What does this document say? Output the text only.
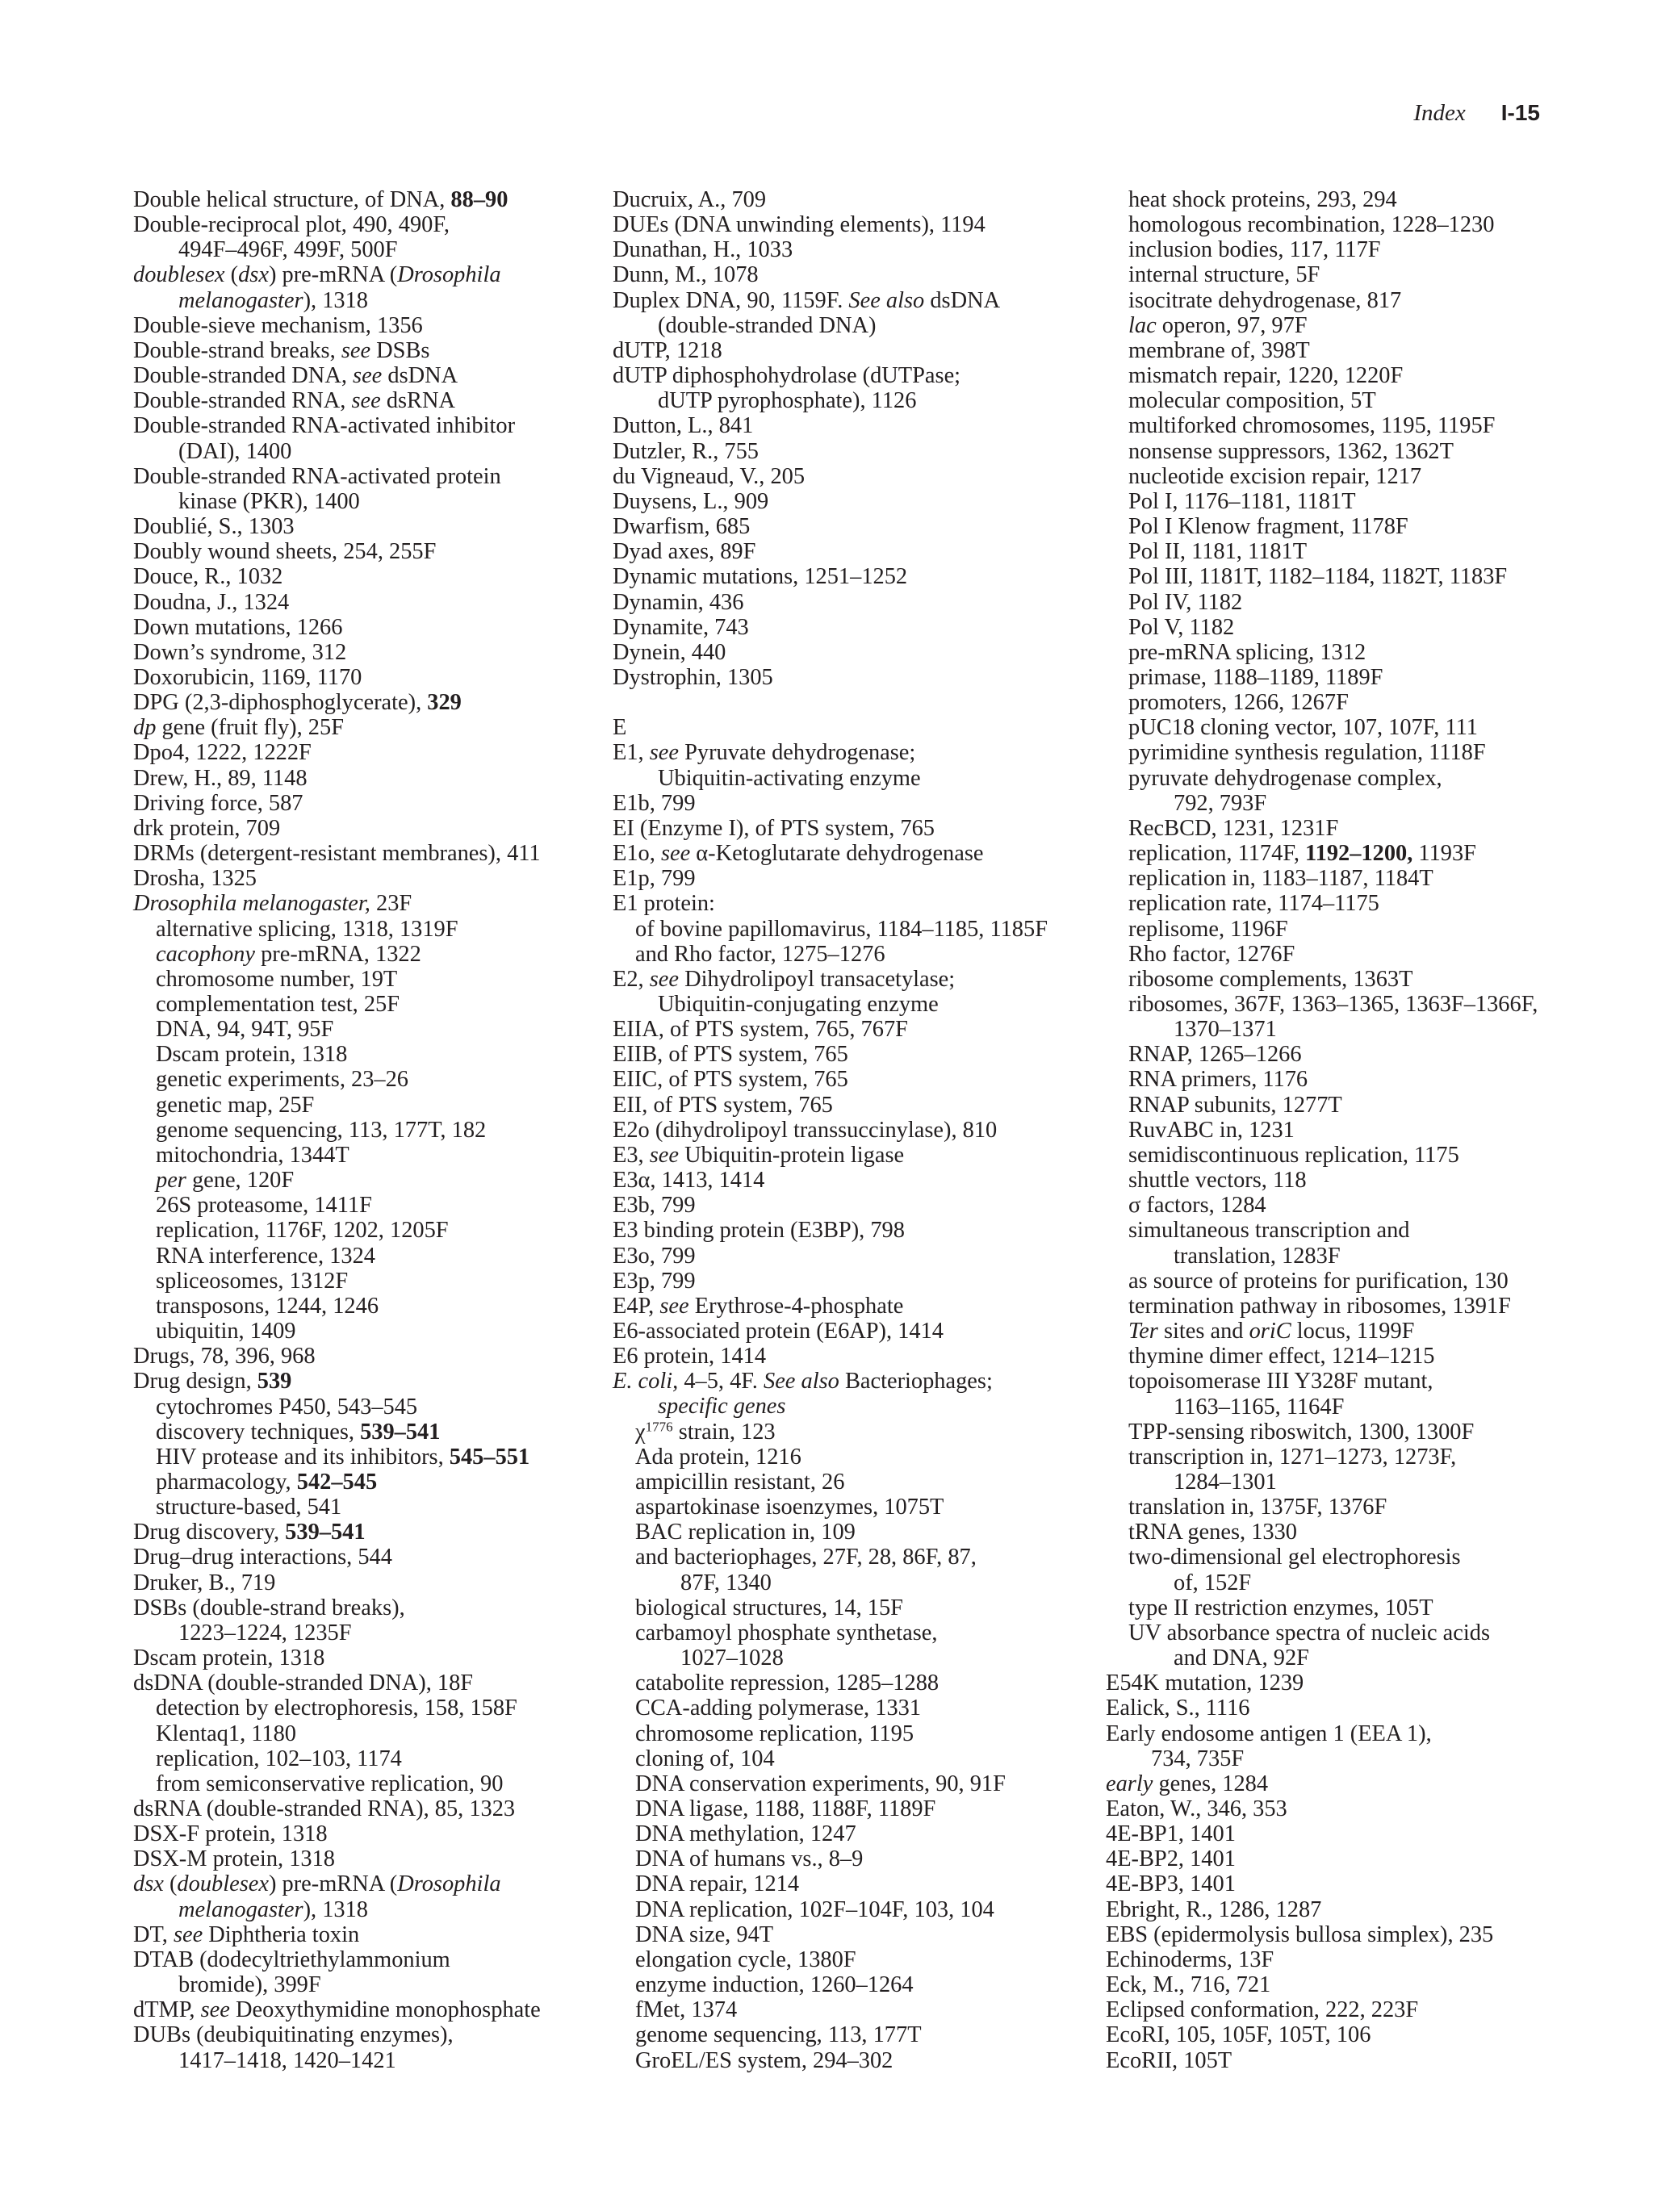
Index I-15
Double helical structure, of DNA, 88–90
Double-reciprocal plot, 490, 490F,
494F–496F, 499F, 500F
doublesex (dsx) pre-mRNA (Drosophila
melanogaster), 1318
Double-sieve mechanism, 1356
Double-strand breaks, see DSBs
Double-stranded DNA, see dsDNA
Double-stranded RNA, see dsRNA
Double-stranded RNA-activated inhibitor
(DAI), 1400
Double-stranded RNA-activated protein
kinase (PKR), 1400
Doublié, S., 1303
Doubly wound sheets, 254, 255F
Douce, R., 1032
Doudna, J., 1324
Down mutations, 1266
Down’s syndrome, 312
Doxorubicin, 1169, 1170
DPG (2,3-diphosphoglycerate), 329
dp gene (fruit fly), 25F
Dpo4, 1222, 1222F
Drew, H., 89, 1148
Driving force, 587
drk protein, 709
DRMs (detergent-resistant membranes), 411
Drosha, 1325
Drosophila melanogaster, 23F
alternative splicing, 1318, 1319F
cacophony pre-mRNA, 1322
chromosome number, 19T
complementation test, 25F
DNA, 94, 94T, 95F
Dscam protein, 1318
genetic experiments, 23–26
genetic map, 25F
genome sequencing, 113, 177T, 182
mitochondria, 1344T
per gene, 120F
26S proteasome, 1411F
replication, 1176F, 1202, 1205F
RNA interference, 1324
spliceosomes, 1312F
transposons, 1244, 1246
ubiquitin, 1409
Drugs, 78, 396, 968
Drug design, 539
cytochromes P450, 543–545
discovery techniques, 539–541
HIV protease and its inhibitors, 545–551
pharmacology, 542–545
structure-based, 541
Drug discovery, 539–541
Drug–drug interactions, 544
Druker, B., 719
DSBs (double-strand breaks),
1223–1224, 1235F
Dscam protein, 1318
dsDNA (double-stranded DNA), 18F
detection by electrophoresis, 158, 158F
Klentaq1, 1180
replication, 102–103, 1174
from semiconservative replication, 90
dsRNA (double-stranded RNA), 85, 1323
DSX-F protein, 1318
DSX-M protein, 1318
dsx (doublesex) pre-mRNA (Drosophila
melanogaster), 1318
DT, see Diphtheria toxin
DTAB (dodecyltriethylammonium
bromide), 399F
dTMP, see Deoxythymidine monophosphate
DUBs (deubiquitinating enzymes),
1417–1418, 1420–1421
Ducruix, A., 709
DUEs (DNA unwinding elements), 1194
Dunathan, H., 1033
Dunn, M., 1078
Duplex DNA, 90, 1159F. See also dsDNA
(double-stranded DNA)
dUTP, 1218
dUTP diphosphohydrolase (dUTPase;
dUTP pyrophosphate), 1126
Dutton, L., 841
Dutzler, R., 755
du Vigneaud, V., 205
Duysens, L., 909
Dwarfism, 685
Dyad axes, 89F
Dynamic mutations, 1251–1252
Dynamin, 436
Dynamite, 743
Dynein, 440
Dystrophin, 1305
E
E1, see Pyruvate dehydrogenase;
Ubiquitin-activating enzyme
E1b, 799
EI (Enzyme I), of PTS system, 765
E1o, see α-Ketoglutarate dehydrogenase
E1p, 799
E1 protein:
of bovine papillomavirus, 1184–1185, 1185F
and Rho factor, 1275–1276
E2, see Dihydrolipoyl transacetylase;
Ubiquitin-conjugating enzyme
EIIA, of PTS system, 765, 767F
EIIB, of PTS system, 765
EIIC, of PTS system, 765
EII, of PTS system, 765
E2o (dihydrolipoyl transsuccinylase), 810
E3, see Ubiquitin-protein ligase
E3α, 1413, 1414
E3b, 799
E3 binding protein (E3BP), 798
E3o, 799
E3p, 799
E4P, see Erythrose-4-phosphate
E6-associated protein (E6AP), 1414
E6 protein, 1414
E. coli, 4–5, 4F. See also Bacteriophages;
specific genes
$\chi^{1776}$ strain, 123
Ada protein, 1216
ampicillin resistant, 26
aspartokinase isoenzymes, 1075T
BAC replication in, 109
and bacteriophages, 27F, 28, 86F, 87,
87F, 1340
biological structures, 14, 15F
carbamoyl phosphate synthetase,
1027–1028
catabolite repression, 1285–1288
CCA-adding polymerase, 1331
chromosome replication, 1195
cloning of, 104
DNA conservation experiments, 90, 91F
DNA ligase, 1188, 1188F, 1189F
DNA methylation, 1247
DNA of humans vs., 8–9
DNA repair, 1214
DNA replication, 102F–104F, 103, 104
DNA size, 94T
elongation cycle, 1380F
enzyme induction, 1260–1264
fMet, 1374
genome sequencing, 113, 177T
GroEL/ES system, 294–302
heat shock proteins, 293, 294
homologous recombination, 1228–1230
inclusion bodies, 117, 117F
internal structure, 5F
isocitrate dehydrogenase, 817
lac operon, 97, 97F
membrane of, 398T
mismatch repair, 1220, 1220F
molecular composition, 5T
multiforked chromosomes, 1195, 1195F
nonsense suppressors, 1362, 1362T
nucleotide excision repair, 1217
Pol I, 1176–1181, 1181T
Pol I Klenow fragment, 1178F
Pol II, 1181, 1181T
Pol III, 1181T, 1182–1184, 1182T, 1183F
Pol IV, 1182
Pol V, 1182
pre-mRNA splicing, 1312
primase, 1188–1189, 1189F
promoters, 1266, 1267F
pUC18 cloning vector, 107, 107F, 111
pyrimidine synthesis regulation, 1118F
pyruvate dehydrogenase complex,
792, 793F
RecBCD, 1231, 1231F
replication, 1174F, 1192–1200, 1193F
replication in, 1183–1187, 1184T
replication rate, 1174–1175
replisome, 1196F
Rho factor, 1276F
ribosome complements, 1363T
ribosomes, 367F, 1363–1365, 1363F–1366F,
1370–1371
RNAP, 1265–1266
RNA primers, 1176
RNAP subunits, 1277T
RuvABC in, 1231
semidiscontinuous replication, 1175
shuttle vectors, 118
σ factors, 1284
simultaneous transcription and
translation, 1283F
as source of proteins for purification, 130
termination pathway in ribosomes, 1391F
Ter sites and oriC locus, 1199F
thymine dimer effect, 1214–1215
topoisomerase III Y328F mutant,
1163–1165, 1164F
TPP-sensing riboswitch, 1300, 1300F
transcription in, 1271–1273, 1273F,
1284–1301
translation in, 1375F, 1376F
tRNA genes, 1330
two-dimensional gel electrophoresis
of, 152F
type II restriction enzymes, 105T
UV absorbance spectra of nucleic acids
and DNA, 92F
E54K mutation, 1239
Ealick, S., 1116
Early endosome antigen 1 (EEA 1),
734, 735F
early genes, 1284
Eaton, W., 346, 353
4E-BP1, 1401
4E-BP2, 1401
4E-BP3, 1401
Ebright, R., 1286, 1287
EBS (epidermolysis bullosa simplex), 235
Echinoderms, 13F
Eck, M., 716, 721
Eclipsed conformation, 222, 223F
EcoRI, 105, 105F, 105T, 106
EcoRII, 105T
